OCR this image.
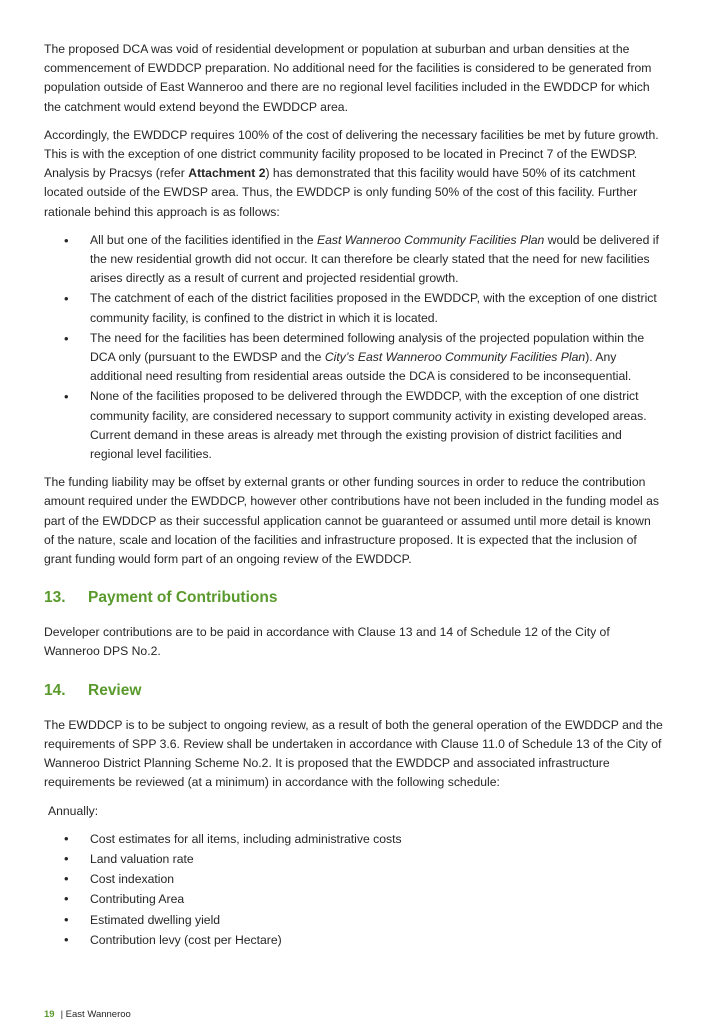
The proposed DCA was void of residential development or population at suburban and urban densities at the commencement of EWDDCP preparation. No additional need for the facilities is considered to be generated from population outside of East Wanneroo and there are no regional level facilities included in the EWDDCP for which the catchment would extend beyond the EWDDCP area.

Accordingly, the EWDDCP requires 100% of the cost of delivering the necessary facilities be met by future growth. This is with the exception of one district community facility proposed to be located in Precinct 7 of the EWDSP. Analysis by Pracsys (refer Attachment 2) has demonstrated that this facility would have 50% of its catchment located outside of the EWDSP area. Thus, the EWDDCP is only funding 50% of the cost of this facility. Further rationale behind this approach is as follows:

• All but one of the facilities identified in the East Wanneroo Community Facilities Plan would be delivered if the new residential growth did not occur. It can therefore be clearly stated that the need for new facilities arises directly as a result of current and projected residential growth.
• The catchment of each of the district facilities proposed in the EWDDCP, with the exception of one district community facility, is confined to the district in which it is located.
• The need for the facilities has been determined following analysis of the projected population within the DCA only (pursuant to the EWDSP and the City’s East Wanneroo Community Facilities Plan). Any additional need resulting from residential areas outside the DCA is considered to be inconsequential.
• None of the facilities proposed to be delivered through the EWDDCP, with the exception of one district community facility, are considered necessary to support community activity in existing developed areas. Current demand in these areas is already met through the existing provision of district facilities and regional level facilities.

The funding liability may be offset by external grants or other funding sources in order to reduce the contribution amount required under the EWDDCP, however other contributions have not been included in the funding model as part of the EWDDCP as their successful application cannot be guaranteed or assumed until more detail is known of the nature, scale and location of the facilities and infrastructure proposed. It is expected that the inclusion of grant funding would form part of an ongoing review of the EWDDCP.

13. Payment of Contributions

Developer contributions are to be paid in accordance with Clause 13 and 14 of Schedule 12 of the City of Wanneroo DPS No.2.

14. Review

The EWDDCP is to be subject to ongoing review, as a result of both the general operation of the EWDDCP and the requirements of SPP 3.6. Review shall be undertaken in accordance with Clause 11.0 of Schedule 13 of the City of Wanneroo District Planning Scheme No.2. It is proposed that the EWDDCP and associated infrastructure requirements be reviewed (at a minimum) in accordance with the following schedule:

Annually:

• Cost estimates for all items, including administrative costs
• Land valuation rate
• Cost indexation
• Contributing Area
• Estimated dwelling yield
• Contribution levy (cost per Hectare)
19 | East Wanneroo
